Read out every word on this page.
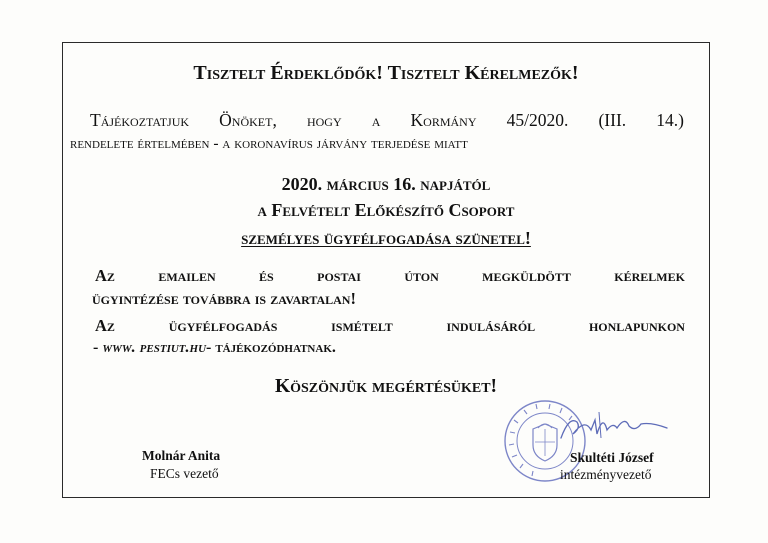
Tisztelt Érdeklődők! Tisztelt Kérelmezők!
Tájékoztatjuk Önöket, hogy a Kormány 45/2020. (III. 14.)
rendelete értelmében - a koronavírus járvány terjedése miatt
2020. március 16. napjától
a Felvételt Előkészítő Csoport
személyes ügyfélfogadása szünetel!
Az	emailen	és	postai	úton	megküldött	kérelmek
ügyintézése továbbra is zavartalan!
Az	ügyfélfogadás	ismételt	indulásáról	honlapunkon
- www. pestiut.hu- tájékozódhatnak.
Köszönjük megértésüket!
Molnár Anita
FECs vezető
Skultéti József
intézményvezető
